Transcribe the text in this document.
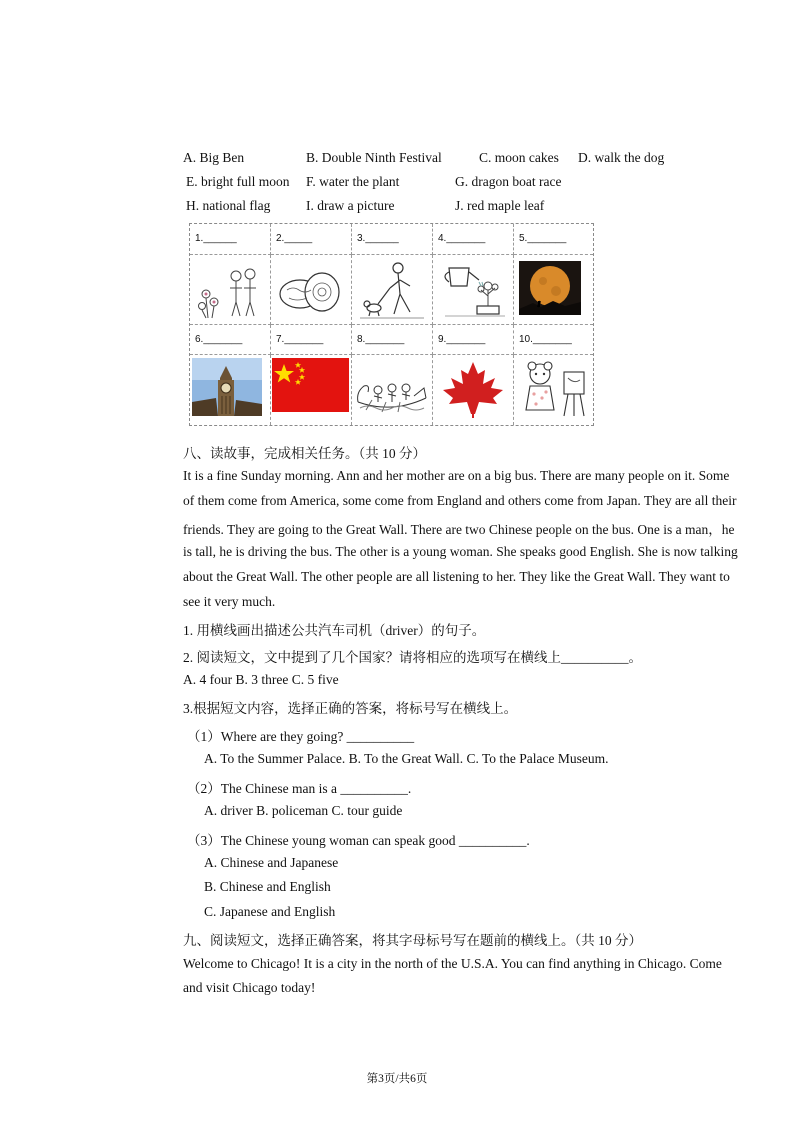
A. Big Ben	B. Double Ninth Festival	C. moon cakes D. walk the dog
E. bright full moon F. water the plant	G. dragon boat race
H. national flag	I. draw a picture	J. red maple leaf
1.______	2._____	3.______	4._______	5._______
6._______	7._______	8._______	9._______	10._______
八、读故事，完成相关任务。（共 10 分）
It is a fine Sunday morning. Ann and her mother are on a big bus. There are many people on it. Some
of them come from America, some come from England and others come from Japan. They are all their
friends. They are going to the Great Wall. There are two Chinese people on the bus. One is a man，he
is tall, he is driving the bus. The other is a young woman. She speaks good English. She is now talking
about the Great Wall. The other people are all listening to her. They like the Great Wall. They want to
see it very much.
1. 用横线画出描述公共汽车司机（driver）的句子。
2. 阅读短文，文中提到了几个国家？请将相应的选项写在横线上__________。
A. 4 four B. 3 three C. 5 five
3.根据短文内容，选择正确的答案，将标号写在横线上。
（1）Where are they going? __________
A. To the Summer Palace. B. To the Great Wall. C. To the Palace Museum.
（2）The Chinese man is a __________.
A. driver B. policeman C. tour guide
（3）The Chinese young woman can speak good __________.
A. Chinese and Japanese
B. Chinese and English
C. Japanese and English
九、阅读短文，选择正确答案，将其字母标号写在题前的横线上。（共 10 分）
Welcome to Chicago! It is a city in the north of the U.S.A. You can find anything in Chicago. Come
and visit Chicago today!
第3页/共6页
